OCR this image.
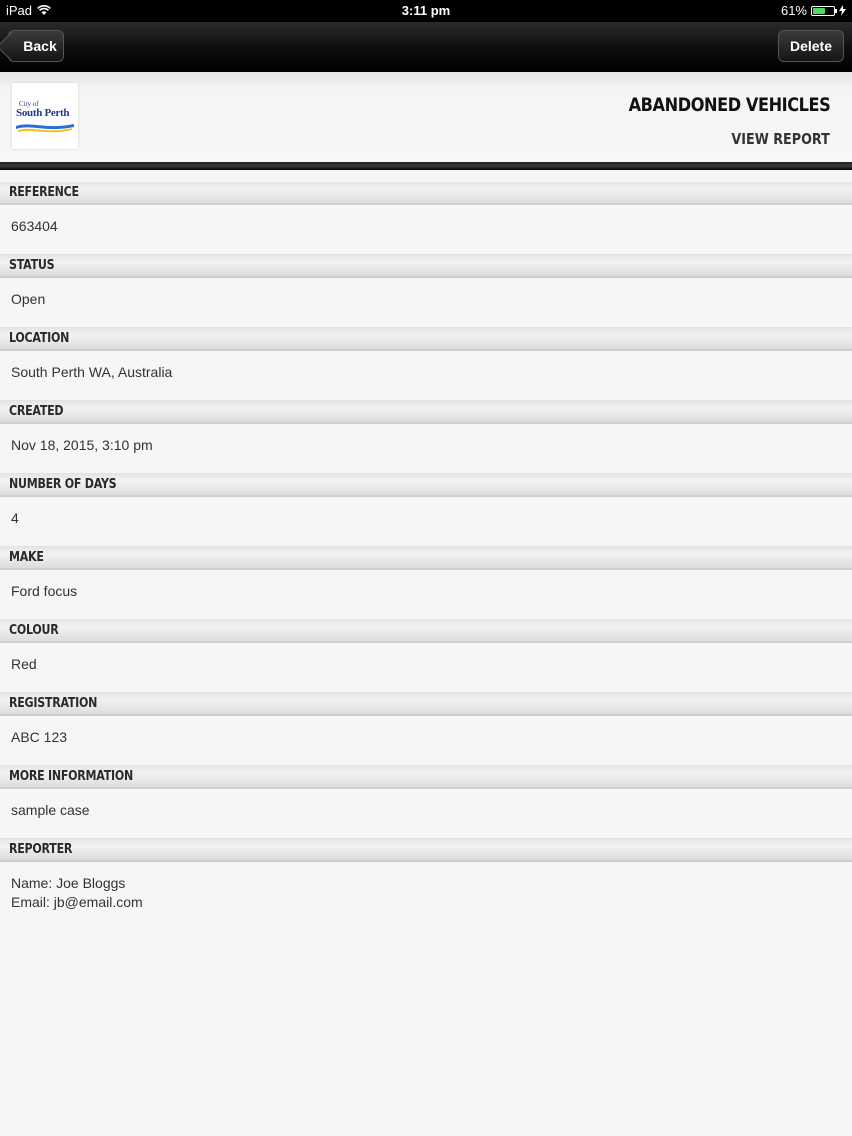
iPad	3:11 pm	61%
Back	Delete
City of
South Perth	ABANDONED VEHICLES
VIEW REPORT
REFERENCE
663404
STATUS
Open
LOCATION
South Perth WA, Australia
CREATED
Nov 18, 2015, 3:10 pm
NUMBER OF DAYS
4
MAKE
Ford focus
COLOUR
Red
REGISTRATION
ABC 123
MORE INFORMATION
sample case
REPORTER
Name: Joe Bloggs
Email: jb@email.com
